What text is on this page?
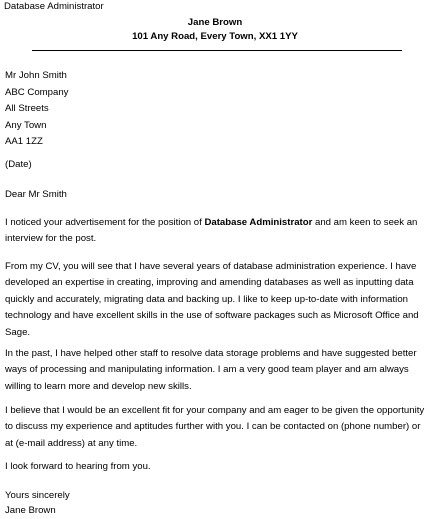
Database Administrator
Jane Brown
101 Any Road, Every Town, XX1 1YY
Mr John Smith
ABC Company
All Streets
Any Town
AA1 1ZZ
(Date)
Dear Mr Smith
I noticed your advertisement for the position of Database Administrator and am keen to seek an interview for the post.
From my CV, you will see that I have several years of database administration experience. I have developed an expertise in creating, improving and amending databases as well as inputting data quickly and accurately, migrating data and backing up. I like to keep up-to-date with information technology and have excellent skills in the use of software packages such as Microsoft Office and Sage.
In the past, I have helped other staff to resolve data storage problems and have suggested better ways of processing and manipulating information. I am a very good team player and am always willing to learn more and develop new skills.
I believe that I would be an excellent fit for your company and am eager to be given the opportunity to discuss my experience and aptitudes further with you. I can be contacted on (phone number) or at (e-mail address) at any time.
I look forward to hearing from you.
Yours sincerely
Jane Brown
